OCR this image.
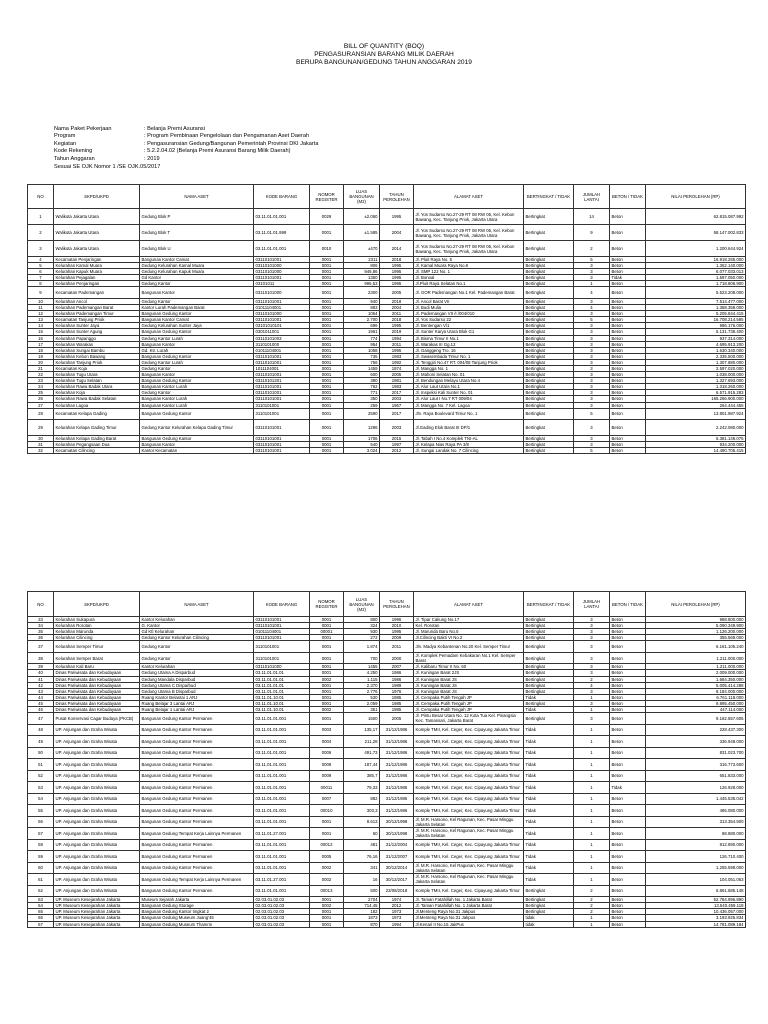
BILL OF QUANTITY (BOQ)
PENGASURANSIAN BARANG MILIK DAERAH
BERUPA BANGUNAN/GEDUNG TAHUN ANGGARAN 2019
Nama Paket Pekerjaan	: Belanja Premi Asuransi
Program	: Program Pembinaan Pengelolaan dan Pengamanan Aset Daerah
Kegiatan	: Pengasuransian Gedung/Bangunan Pemerintah Provinsi DKI Jakarta
Kode Rekening	: 5.2.2.04.02 (Belanja Premi Asuransi Barang Milik Daerah)
Tahun Anggaran	: 2019
Sesuai SE OJK Nomor 1 /SE OJK.05/2017
NO	SKPD/UKPD	NAMA ASET	KODE BARANG	NOMOR REGISTER	LUAS BANGUNAN (M2)	TAHUN PEROLEHAN	ALAMAT ASET	BERTINGKAT / TIDAK	JUMLAH LANTAI	BETON / TIDAK	NILAI PEROLEHAN (RP)
1	Walikota Jakarta Utara	Gedung Blok P	03.11.01.01.001	0029	±2.060	1995	Jl. Yos Sudarso No.27-29 RT 08 RW 05, Kel. Kebon Bawang, Kec. Tanjung Priok, Jakarta Utara	Bertingkat	14	Beton	62.815.087.992
2	Walikota Jakarta Utara	Gedung Blok T	03.11.01.01.999	0001	±1.585	2004	Jl. Yos Sudarso No.27-29 RT 08 RW 05, Kel. Kebon Bawang, Kec. Tanjung Priok, Jakarta Utara	Bertingkat	9	Beton	58.147.002.833
3	Walikota Jakarta Utara	Gedung Blok U	03.11.01.01.001	0010	±470	2014	Jl. Yos Sudarso No.27-29 RT 08 RW 05, Kel. Kebon Bawang, Kec. Tanjung Priok, Jakarta Utara	Bertingkat	2	Beton	1.200.644.924
4	Kecamatan Penjaringan	Bangunan Kantor Camat	03110101001	0001	2311	2018	Jl. Pluit Raya No. 5	Bertingkat	5	Beton	16.918.285.000
5	Kelurahan Kamal Muara	Gedung Kelurahan Kamal Muara	03110101000	0001	806	1995	Jl. Kamal Muara Raya No.8	Bertingkat	3	Beton	1.362.140.000
6	Kelurahan Kapuk Muara	Gedung Kelurahan Kapuk Muara	03110101000	0001	946,86	1995	Jl. SMP 122 No. 1	Bertingkat	3	Beton	6.077.033.013
7	Kelurahan Pejagalan	Gd Kantor	03110101001	0001	1350	1995	Jl. Bonoal	Bertingkat	3	Tidak	1.597.050.000
8	Kelurahan Penjaringan	Gedung Kantor	03101011	0001	995,53	1995	Jl.Pluit Raya Selatan No.1	Bertingkat	1	Beton	1.718.806.900
9	Kecamatan Pademangan	Bangunan Kantor	03110101000	0001	2300	2005	Jl. GOR Pademangan No.1 Kel. Pademangan Barat	Bertingkat	4	Beton	5.523.208.000
10	Kelurahan Ancol	Gedung Kantor	03110101001	0001	940	2018	Jl. Ancol Barat VII	Bertingkat	3	Beton	7.514.477.000
11	Kelurahan Pademangan Barat	Kantor Lurah Pademangan Barat	01011104001	0001	883	2004	Jl. Budi Mulia	Bertingkat	4	Beton	1.368.359.000
12	Kelurahan Pademangan Timur	Bangunan Gedung Kantor	03110101000	0001	1064	2011	Jl. Pademangan VII /I /004/010	Bertingkat	3	Beton	5.205.844.415
13	Kecamatan Tanjung Priok	Bangunan Kantor Camat	03110101001	0001	2.700	2018	Jl. Yos Sudarso 22	Bertingkat	5	Beton	16.708.214.585
14	Kelurahan Sunter Jaya	Gedung Kelurahan Sunter Jaya	03101010101	0001	696	1995	Jl. Bentengan V/1	Bertingkat	3	Beton	986.176.000
15	Kelurahan Sunter Agung	Bangunan Gedung Kantor	0301011001	0001	1961	2019	Jl. Sunter Karya Utara Blok G1	Bertingkat	3	Beton	5.131.736.400
16	Kelurahan Papanggo	Gedung Kantor Lurah	03110101003	0001	774	1994	Jl. Bisma Timur II No.1	Bertingkat	3	Beton	937.314.000
17	Kelurahan Warakas	Bangunan Kantor	3110101000	0001	954	2011	Jl. Warakas III Gg.12	Bertingkat	3	Beton	4.695.913.200
18	Kelurahan Sungai Bambu	Gd. Ktr. Lurah	01011104001	0001	1058	1995	Jl. Ganggeng Tro. 16	Bertingkat	3	Beton	1.630.340.000
19	Kelurahan Kebon Bawang	Bangunan Gedung Kantor	03110101001	0001	735	1983	Jl. Swasembada Timur No. 1	Bertingkat	3	Beton	2.335.500.000
20	Kelurahan Tanjung Priok	Gedung Kantor Lurah	03110101001	0001	756	1992	Jl. Tenggiri No.47 RT. 004/08 Tanjung Priok	Bertingkat	3	Beton	1.307.880.000
21	Kecamatan Koja	Gedung Kantor	1011104001	0001	1459	1974	Jl. Mangga No. 1	Bertingkat	3	Beton	2.597.020.000
22	Kelurahan Tugu Utara	Bangunan Kantor	03110101001	0001	600	2005	Jl. Mahoni Selatan No. 01	Bertingkat	3	Beton	1.038.000.000
23	Kelurahan Tugu Selatan	Bangunan Gedung Kantor	03110101301	0001	390	1981	Jl. Bendungan Melayu Utara No.4	Bertingkat	3	Beton	1.327.693.000
24	Kelurahan Rawa Badak Utara	Bangunan Kantor Lurah	03110101001	0001	762	1983	Jl. Alur Laut Utara No.1	Bertingkat	3	Beton	1.318.260.000
25	Kelurahan Koja	Gedung Kantor	03110101001	0001	771	2017	Jl. Inspeksi Kali Sunter No. 01	Bertingkat	3	Beton	6.571.915.283
26	Kelurahan Rawa Badak Selatan	Bangunan Kantor Lurah	03110101001	0001	350	2003	Jl. Alur Laut I No.7 RT 009/04	Bertingkat	3	Beton	165.266.900.000
27	Kelurahan Lagoa	Bangunan Kantor Lurah	3110101001	0001	259	1967	Jl. Mangga No. 7 Kel. Lagoa	Bertingkat	3	Beton	264.444.455
28	Kecamatan Kelapa Gading	Bangunan Gedung Kantor	3110101001	0001	2590	2017	Jln. Raya Boulevard Timur No. 1	Bertingkat	5	Beton	13.801.987.924
29	Kelurahan Kelapa Gading Timur	Gedung Kantor Kelurahan Kelapa Gading Timur	03110101001	0001	1296	2003	Jl.Gading Elok Barat III DP/1	Bertingkat	3	Beton	2.242.080.000
30	Kelurahan Kelapa Gading Barat	Bangunan Gedung Kantor	03110101001	0001	1706	2015	Jl. Tabah I No.4 Komplek TNI-AL	Bertingkat	3	Beton	5.381.149.075
31	Kelurahan Pegangsaan Dua	Bangunan Kantor	03110101001	0001	540	1997	Jl. Kelapa Nias Raya PA 3/8	Bertingkat	3	Beton	934.200.000
32	Kecamatan Cilincing	Kantor Kecamatan	03110101001	0001	3.024	2012	Jl. Sungai Landak No. 7 Cilincing	Bertingkat	5	Beton	14.480.705.415
NO	SKPD/UKPD	NAMA ASET	KODE BARANG	NOMOR REGISTER	LUAS BANGUNAN (M2)	TAHUN PEROLEHAN	ALAMAT ASET	BERTINGKAT / TIDAK	JUMLAH LANTAI	BETON / TIDAK	NILAI PEROLEHAN (RP)
33	Kelurahan Sukapura	Kantor Kelurahan	03110101001	0001	800	1996	Jl. Tipar Cakung No.17	Bertingkat	3	Beton	988.800.000
34	Kelurahan Rorotan	G. Kantor	03110101001	0001	324	2010	Kel. Rorotan	Bertingkat	3	Beton	5.090.349.900
35	Kelurahan Marunda	Gd Ktl Kelurahan	01011104001	00001	930	1995	Jl. Marunda Baru No.5	Bertingkat	3	Beton	1.126.200.000
36	Kelurahan Cilincing	Gedung Kantor Kelurahan Cilincing	03110101001	0001	272	2009	Jl.Cilincing Bakti VI No.2	Bertingkat	3	Beton	355.569.000
37	Kelurahan Semper Timur	Gedung Kantor	3110101001	0001	1.874	2011	Jln. Madya Kebantenan No.20 Kel. Semper Timur	Bertingkat	3	Beton	6.161.105.240
38	Kelurahan Semper Barat	Gedung Kantor	3110101001	0001	700	2000	Jl. Komplek Pemadam Kebakaran No.1 Kel. Semper Barat	Bertingkat	3	Beton	1.211.000.000
39	Kelurahan Kali Baru	Kantor Kelurahan	03110101000	0001	1455	2007	Jl. Kalibaru Timur II No. 60	Bertingkat	3	Beton	1.211.000.000
40	Dinas Pariwisata dan Kebudayaan	Gedung Utama A Disparbud	03.11.01.01.01	0001	4.250	1986	Jl. Kuningan Barat 2JS	Bertingkat	3	Beton	2.009.000.000
41	Dinas Pariwisata dan Kebudayaan	Gedung Mandala Disparbud	03.11.01.01.01	0002	1.115	1986	Jl. Kuningan Barat JS	Bertingkat	2	Beton	1.684.350.000
42	Dinas Pariwisata dan Kebudayaan	Gedung Utama C Disparbud	03.11.01.01.01	0001	2.370	1989	Jl. Kuningan Barat JS	Bertingkat	4	Beton	5.005.414.288
43	Dinas Pariwisata dan Kebudayaan	Gedung Utama B Disparbud	03.11.01.01.01	0001	2.776	1976	Jl. Kuningan Barat JS	Bertingkat	3	Beton	8.184.000.000
44	Dinas Pariwisata dan Kebudayaan	Ruang Kantor Belantai 1 ARJ	03.11.01.10.01	0001	530	1985	Jl. Cempaka Putih Tengah JP	Tidak	1	Beton	6.761.118.000
45	Dinas Pariwisata dan Kebudayaan	Ruang Belajar 3 Lantai ARJ	03.11.01.10.01	0001	2.059	1985	Jl. Cempaka Putih Tengah JP	Bertingkat	3	Beton	9.895.450.000
46	Dinas Pariwisata dan Kebudayaan	Ruang Belajar 1 Lantai ARJ	03.11.01.10.01	0002	351	1985	Jl. Cempaka Putih Tengah JP	Tidak	1	Beton	447.114.000
47	Pusat Konservasi Cagar Budaya (PKCB)	Bangunan Gedung Kantor Permanen	03.11.01.01.001	0001	1500	2005	Jl. Pintu Besar Utara No. 12 Kota Tua Kel. Pinangsia Kec. Tamansari, Jakarta Barat	Bertingkat	3	Beton	9.162.557.605
48	UP. Anjungan dan Graha Wisata	Bangunan Gedung Kantor Permanen	03.11.01.01.001	0003	135,17	31/12/1986	Komple TMII, Kel. Ceger, Kec. Cipayung Jakarta Timur	Tidak	1	Beton	228.437.300
49	UP. Anjungan dan Graha Wisata	Bangunan Gedung Kantor Permanen	03.11.01.01.001	0004	211,28	31/12/1986	Komple TMII, Kel. Ceger, Kec. Cipayung Jakarta Timur	Tidak	1	Beton	336.948.000
50	UP. Anjungan dan Graha Wisata	Bangunan Gedung Kantor Permanen	03.11.01.01.001	0006	491,73	31/12/1986	Komple TMII, Kel. Ceger, Kec. Cipayung Jakarta Timur	Tidak	1	Beton	831.023.700
51	UP. Anjungan dan Graha Wisata	Bangunan Gedung Kantor Permanen	03.11.01.01.001	0008	187,44	31/12/1986	Komple TMII, Kel. Ceger, Kec. Cipayung Jakarta Timur	Tidak	1	Beton	316.773.600
52	UP. Anjungan dan Graha Wisata	Bangunan Gedung Kantor Permanen	03.11.01.01.001	0009	385,7	31/12/1986	Komple TMII, Kel. Ceger, Kec. Cipayung Jakarta Timur	Tidak	1	Beton	651.833.000
53	UP. Anjungan dan Graha Wisata	Bangunan Gedung Kantor Permanen	03.11.01.01.001	00011	79,33	31/12/1986	Komple TMII, Kel. Ceger, Kec. Cipayung Jakarta Timur	Tidak	1	Tidak	126.928.000
54	UP. Anjungan dan Graha Wisata	Bangunan Gedung Kantor Permanen	03.11.01.01.001	0007	882	31/12/1986	Komple TMII, Kel. Ceger, Kec. Cipayung Jakarta Timur	Tidak	1	Beton	1.445.535.042
55	UP. Anjungan dan Graha Wisata	Bangunan Gedung Kantor Permanen	03.11.01.01.001	00010	303,3	31/12/1986	Komple TMII, Kel. Ceger, Kec. Cipayung Jakarta Timur	Tidak	1	Beton	486.080.000
56	UP. Anjungan dan Graha Wisata	Bangunan Gedung Kantor Permanen	03.11.01.01.001	0001	8.613	30/12/1998	Jl. M.R. Harsono, Kel Ragunan, Kec. Pasar Minggu Jakarta Selatan	Tidak	1	Beton	313.354.500
57	UP. Anjungan dan Graha Wisata	Bangunan Gedung Tempat Kerja Lainnya Permanen	03.11.01.27.001	0001	60	30/12/1998	Jl. M.R. Harsono, Kel Ragunan, Kec. Pasar Minggu Jakarta Selatan	Tidak	1	Beton	88.880.000
58	UP. Anjungan dan Graha Wisata	Bangunan Gedung Kantor Permanen	03.11.01.01.001	00012	481	31/12/2004	Komple TMII, Kel. Ceger, Kec. Cipayung Jakarta Timur	Tidak	1	Beton	812.890.000
59	UP. Anjungan dan Graha Wisata	Bangunan Gedung Kantor Permanen	03.11.01.01.001	0005	76,16	31/12/2007	Komple TMII, Kel. Ceger, Kec. Cipayung Jakarta Timur	Tidak	1	Beton	126.710.400
60	UP. Anjungan dan Graha Wisata	Bangunan Gedung Kantor Permanen	03.11.01.01.001	0002	341	30/12/2014	Jl. M.R. Harsono, Kel Ragunan, Kec. Pasar Minggu Jakarta Selatan	Tidak	1	Beton	1.255.598.000
61	UP. Anjungan dan Graha Wisata	Bangunan Gedung Tempat Kerja Lainnya Permanen	03.11.01.27.001	0002	16	30/12/2017	Jl. M.R. Harsono, Kel Ragunan, Kec. Pasar Minggu Jakarta Selatan	Tidak	1	Beton	104.051.063
62	UP. Anjungan dan Graha Wisata	Bangunan Gedung Kantor Permanen	03.11.01.01.001	00013	500	23/08/2018	Komple TMII, Kel. Ceger, Kec. Cipayung Jakarta Timur	Bertingkat	2	Beton	5.861.685.148
63	UP. Museum Kesejarahan Jakarta	Museum Sejarah Jakarta	02.03.01.02.03	0001	2704	1974	Jl. Taman Fatahillah No. 1 Jakarta Barat	Bertingkat	2	Beton	52.784.996.890
64	UP. Museum Kesejarahan Jakarta	Bangunan Gedung Storage	02.03.01.02.03	0002	714,45	2012	Jl. Taman Fatahillah No. 1 Jakarta Barat	Bertingkat	2	Beton	13.540.459.118
65	UP. Museum Kesejarahan Jakarta	Bangunan Gedung Kantor tingkat 2	02.03.01.02.03	0001	182	1973	Jl.Menteng Raya No.31 Jakpus	Bertingkat	2	Beton	10.436.057.000
66	UP. Museum Kesejarahan Jakarta	Bangunan Gedung Museum Juang'45	02.03.01.02.03	0001	1873	1973	Jl.Menteng Raya No.31 Jakpus	tidak	1	Beton	3.193.925.834
67	UP. Museum Kesejarahan Jakarta	Bangunan Gedung Museum Thamrin	02.03.01.02.03	0001	870	1994	Jl.Kenari II No.15 JakPus	tidak	1	Beton	14.781.089.184
